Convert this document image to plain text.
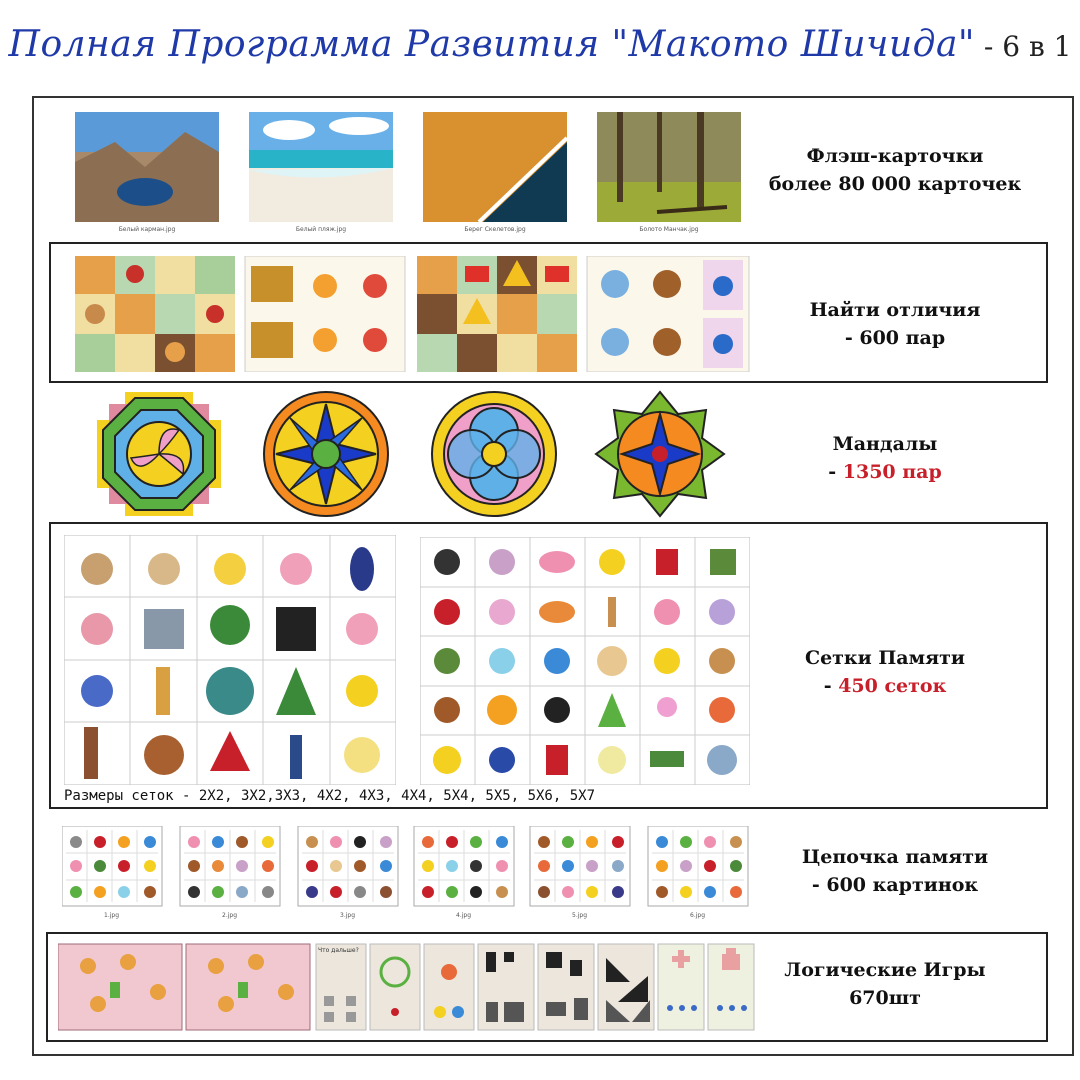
Полная Программа Развития "Макото Шичида" - 6 в 1
Белый карман.jpg	Белый пляж.jpg	Берег Скелетов.jpg	Болото Манчак.jpg
Флэш-карточки
более 80 000 карточек
Найти отличия
- 600 пар
Мандалы
- 1350 пар
Размеры сеток - 2Х2, 3Х2,3Х3, 4Х2, 4Х3, 4Х4, 5Х4, 5Х5, 5Х6, 5Х7
Сетки Памяти
- 450 сеток
1.jpg	2.jpg	3.jpg	4.jpg	5.jpg	6.jpg
Цепочка памяти
- 600 картинок
Что дальше?
Логические Игры
670шт
